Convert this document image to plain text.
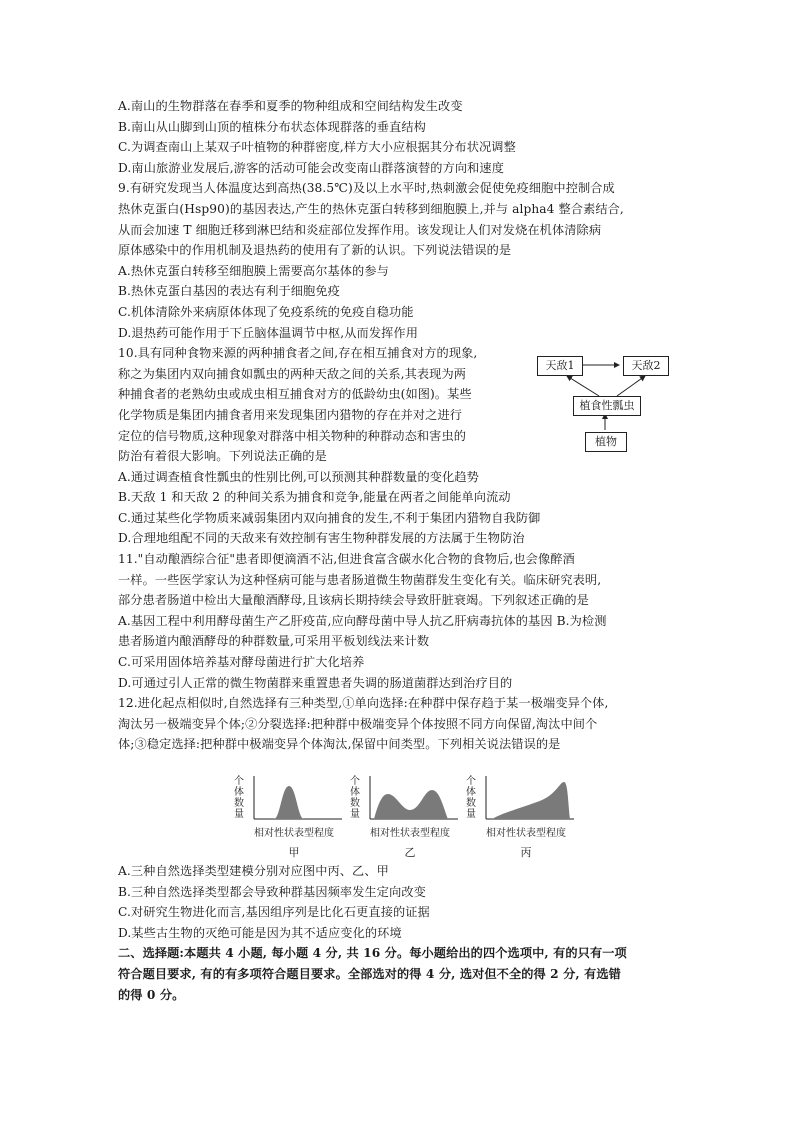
A.南山的生物群落在春季和夏季的物种组成和空间结构发生改变
B.南山从山脚到山顶的植株分布状态体现群落的垂直结构
C.为调查南山上某双子叶植物的种群密度,样方大小应根据其分布状况调整
D.南山旅游业发展后,游客的活动可能会改变南山群落演替的方向和速度
9.有研究发现当人体温度达到高热(38.5℃)及以上水平时,热刺激会促使免疫细胞中控制合成
热休克蛋白(Hsp90)的基因表达,产生的热休克蛋白转移到细胞膜上,并与 alpha4 整合素结合,
从而会加速 T 细胞迁移到淋巴结和炎症部位发挥作用。该发现让人们对发烧在机体清除病
原体感染中的作用机制及退热药的使用有了新的认识。下列说法错误的是
A.热休克蛋白转移至细胞膜上需要高尔基体的参与
B.热休克蛋白基因的表达有利于细胞免疫
C.机体清除外来病原体体现了免疫系统的免疫自稳功能
D.退热药可能作用于下丘脑体温调节中枢,从而发挥作用
10.具有同种食物来源的两种捕食者之间,存在相互捕食对方的现象,
称之为集团内双向捕食如瓢虫的两种天敌之间的关系,其表现为两
种捕食者的老熟幼虫或成虫相互捕食对方的低龄幼虫(如图)。某些
化学物质是集团内捕食者用来发现集团内猎物的存在并对之进行
定位的信号物质,这种现象对群落中相关物种的种群动态和害虫的
防治有着很大影响。下列说法正确的是
A.通过调查植食性瓢虫的性别比例,可以预测其种群数量的变化趋势
B.天敌 1 和天敌 2 的种间关系为捕食和竞争,能量在两者之间能单向流动
C.通过某些化学物质来减弱集团内双向捕食的发生,不利于集团内猎物自我防御
D.合理地组配不同的天敌来有效控制有害生物种群发展的方法属于生物防治
11."自动酿酒综合征"患者即便滴酒不沾,但进食富含碳水化合物的食物后,也会像醉酒
一样。一些医学家认为这种怪病可能与患者肠道微生物菌群发生变化有关。临床研究表明,
部分患者肠道中检出大量酿酒酵母,且该病长期持续会导致肝脏衰竭。下列叙述正确的是
A.基因工程中利用酵母菌生产乙肝疫苗,应向酵母菌中导人抗乙肝病毒抗体的基因 B.为检测
患者肠道内酿酒酵母的种群数量,可采用平板划线法来计数
C.可采用固体培养基对酵母菌进行扩大化培养
D.可通过引人正常的微生物菌群来重置患者失调的肠道菌群达到治疗目的
12.进化起点相似时,自然选择有三种类型,①单向选择:在种群中保存趋于某一极端变异个体,
淘汰另一极端变异个体;②分裂选择:把种群中极端变异个体按照不同方向保留,淘汰中间个
体;③稳定选择:把种群中极端变异个体淘汰,保留中间类型。下列相关说法错误的是
A.三种自然选择类型建模分别对应图中丙、乙、甲
B.三种自然选择类型都会导致种群基因频率发生定向改变
C.对研究生物进化而言,基因组序列是比化石更直接的证据
D.某些古生物的灭绝可能是因为其不适应变化的环境
二、选择题:本题共 4 小题, 每小题 4 分, 共 16 分。每小题给出的四个选项中, 有的只有一项
符合题目要求, 有的有多项符合题目要求。全部选对的得 4 分, 选对但不全的得 2 分, 有选错
的得 0 分。
天敌1	天敌2
植食性瓢虫
植物
个体数量
相对性状表型程度
甲
个体数量
相对性状表型程度
乙
个体数量
相对性状表型程度
丙
